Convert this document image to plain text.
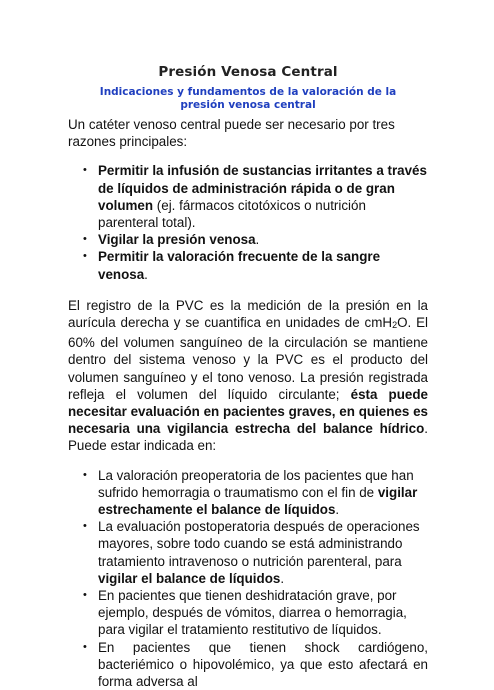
Presión Venosa Central
Indicaciones y fundamentos de la valoración de la presión venosa central

Un catéter venoso central puede ser necesario por tres razones principales:

• Permitir la infusión de sustancias irritantes a través de líquidos de administración rápida o de gran volumen (ej. fármacos citotóxicos o nutrición parenteral total).
• Vigilar la presión venosa.
• Permitir la valoración frecuente de la sangre venosa.

El registro de la PVC es la medición de la presión en la aurícula derecha y se cuantifica en unidades de cmH$_2$O. El 60% del volumen sanguíneo de la circulación se mantiene dentro del sistema venoso y la PVC es el producto del volumen sanguíneo y el tono venoso. La presión registrada refleja el volumen del líquido circulante; ésta puede necesitar evaluación en pacientes graves, en quienes es necesaria una vigilancia estrecha del balance hídrico. Puede estar indicada en:

• La valoración preoperatoria de los pacientes que han sufrido hemorragia o traumatismo con el fin de vigilar estrechamente el balance de líquidos.
• La evaluación postoperatoria después de operaciones mayores, sobre todo cuando se está administrando tratamiento intravenoso o nutrición parenteral, para vigilar el balance de líquidos.
• En pacientes que tienen deshidratación grave, por ejemplo, después de vómitos, diarrea o hemorragia, para vigilar el tratamiento restitutivo de líquidos.
• En pacientes que tienen shock cardiógeno, bacteriémico o hipovolémico, ya que esto afectará en forma adversa al
